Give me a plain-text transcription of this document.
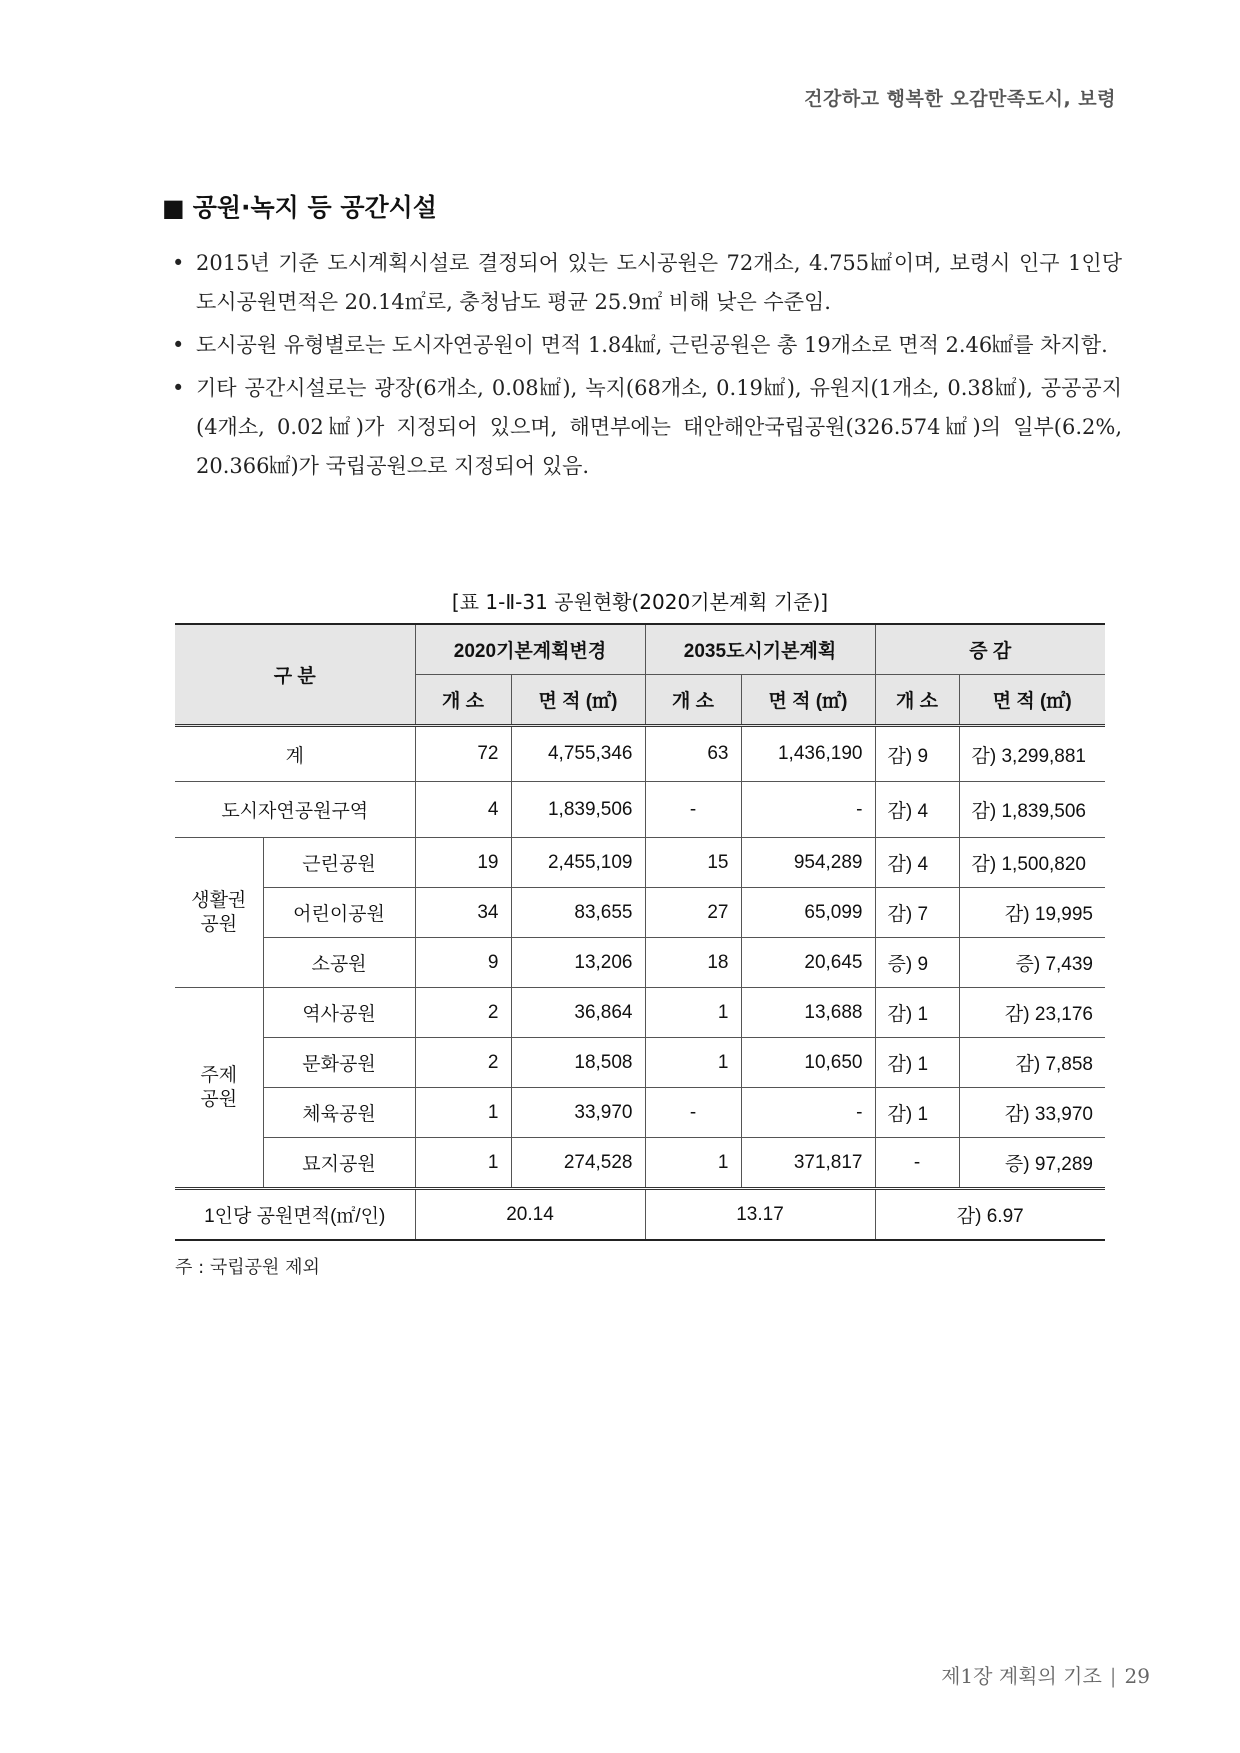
건강하고 행복한 오감만족도시, 보령
■ 공원·녹지 등 공간시설
• 2015년 기준 도시계획시설로 결정되어 있는 도시공원은 72개소, 4.755㎢이며, 보령시 인구 1인당 도시공원면적은 20.14㎡로, 충청남도 평균 25.9㎡ 비해 낮은 수준임.
• 도시공원 유형별로는 도시자연공원이 면적 1.84㎢, 근린공원은 총 19개소로 면적 2.46㎢를 차지함.
• 기타 공간시설로는 광장(6개소, 0.08㎢), 녹지(68개소, 0.19㎢), 유원지(1개소, 0.38㎢), 공공공지(4개소, 0.02㎢)가 지정되어 있으며, 해면부에는 태안해안국립공원(326.574㎢)의 일부(6.2%, 20.366㎢)가 국립공원으로 지정되어 있음.
[표 1-Ⅱ-31 공원현황(2020기본계획 기준)]
구 분		2020기본계획변경		2035도시기본계획		증 감	
		개 소	면 적 (㎡)	개 소	면 적 (㎡)	개 소	면 적 (㎡)
계		72	4,755,346	63	1,436,190	감) 9	감) 3,299,881
도시자연공원구역		4	1,839,506	-	-	감) 4	감) 1,839,506
생활권
공원	근린공원	19	2,455,109	15	954,289	감) 4	감) 1,500,820
	어린이공원	34	83,655	27	65,099	감) 7	감) 19,995
	소공원	9	13,206	18	20,645	증) 9	증) 7,439
주제
공원	역사공원	2	36,864	1	13,688	감) 1	감) 23,176
	문화공원	2	18,508	1	10,650	감) 1	감) 7,858
	체육공원	1	33,970	-	-	감) 1	감) 33,970
	묘지공원	1	274,528	1	371,817	-	증) 97,289
1인당 공원면적(㎡/인)		20.14		13.17		감) 6.97	
주 : 국립공원 제외
제1장 계획의 기조 | 29
